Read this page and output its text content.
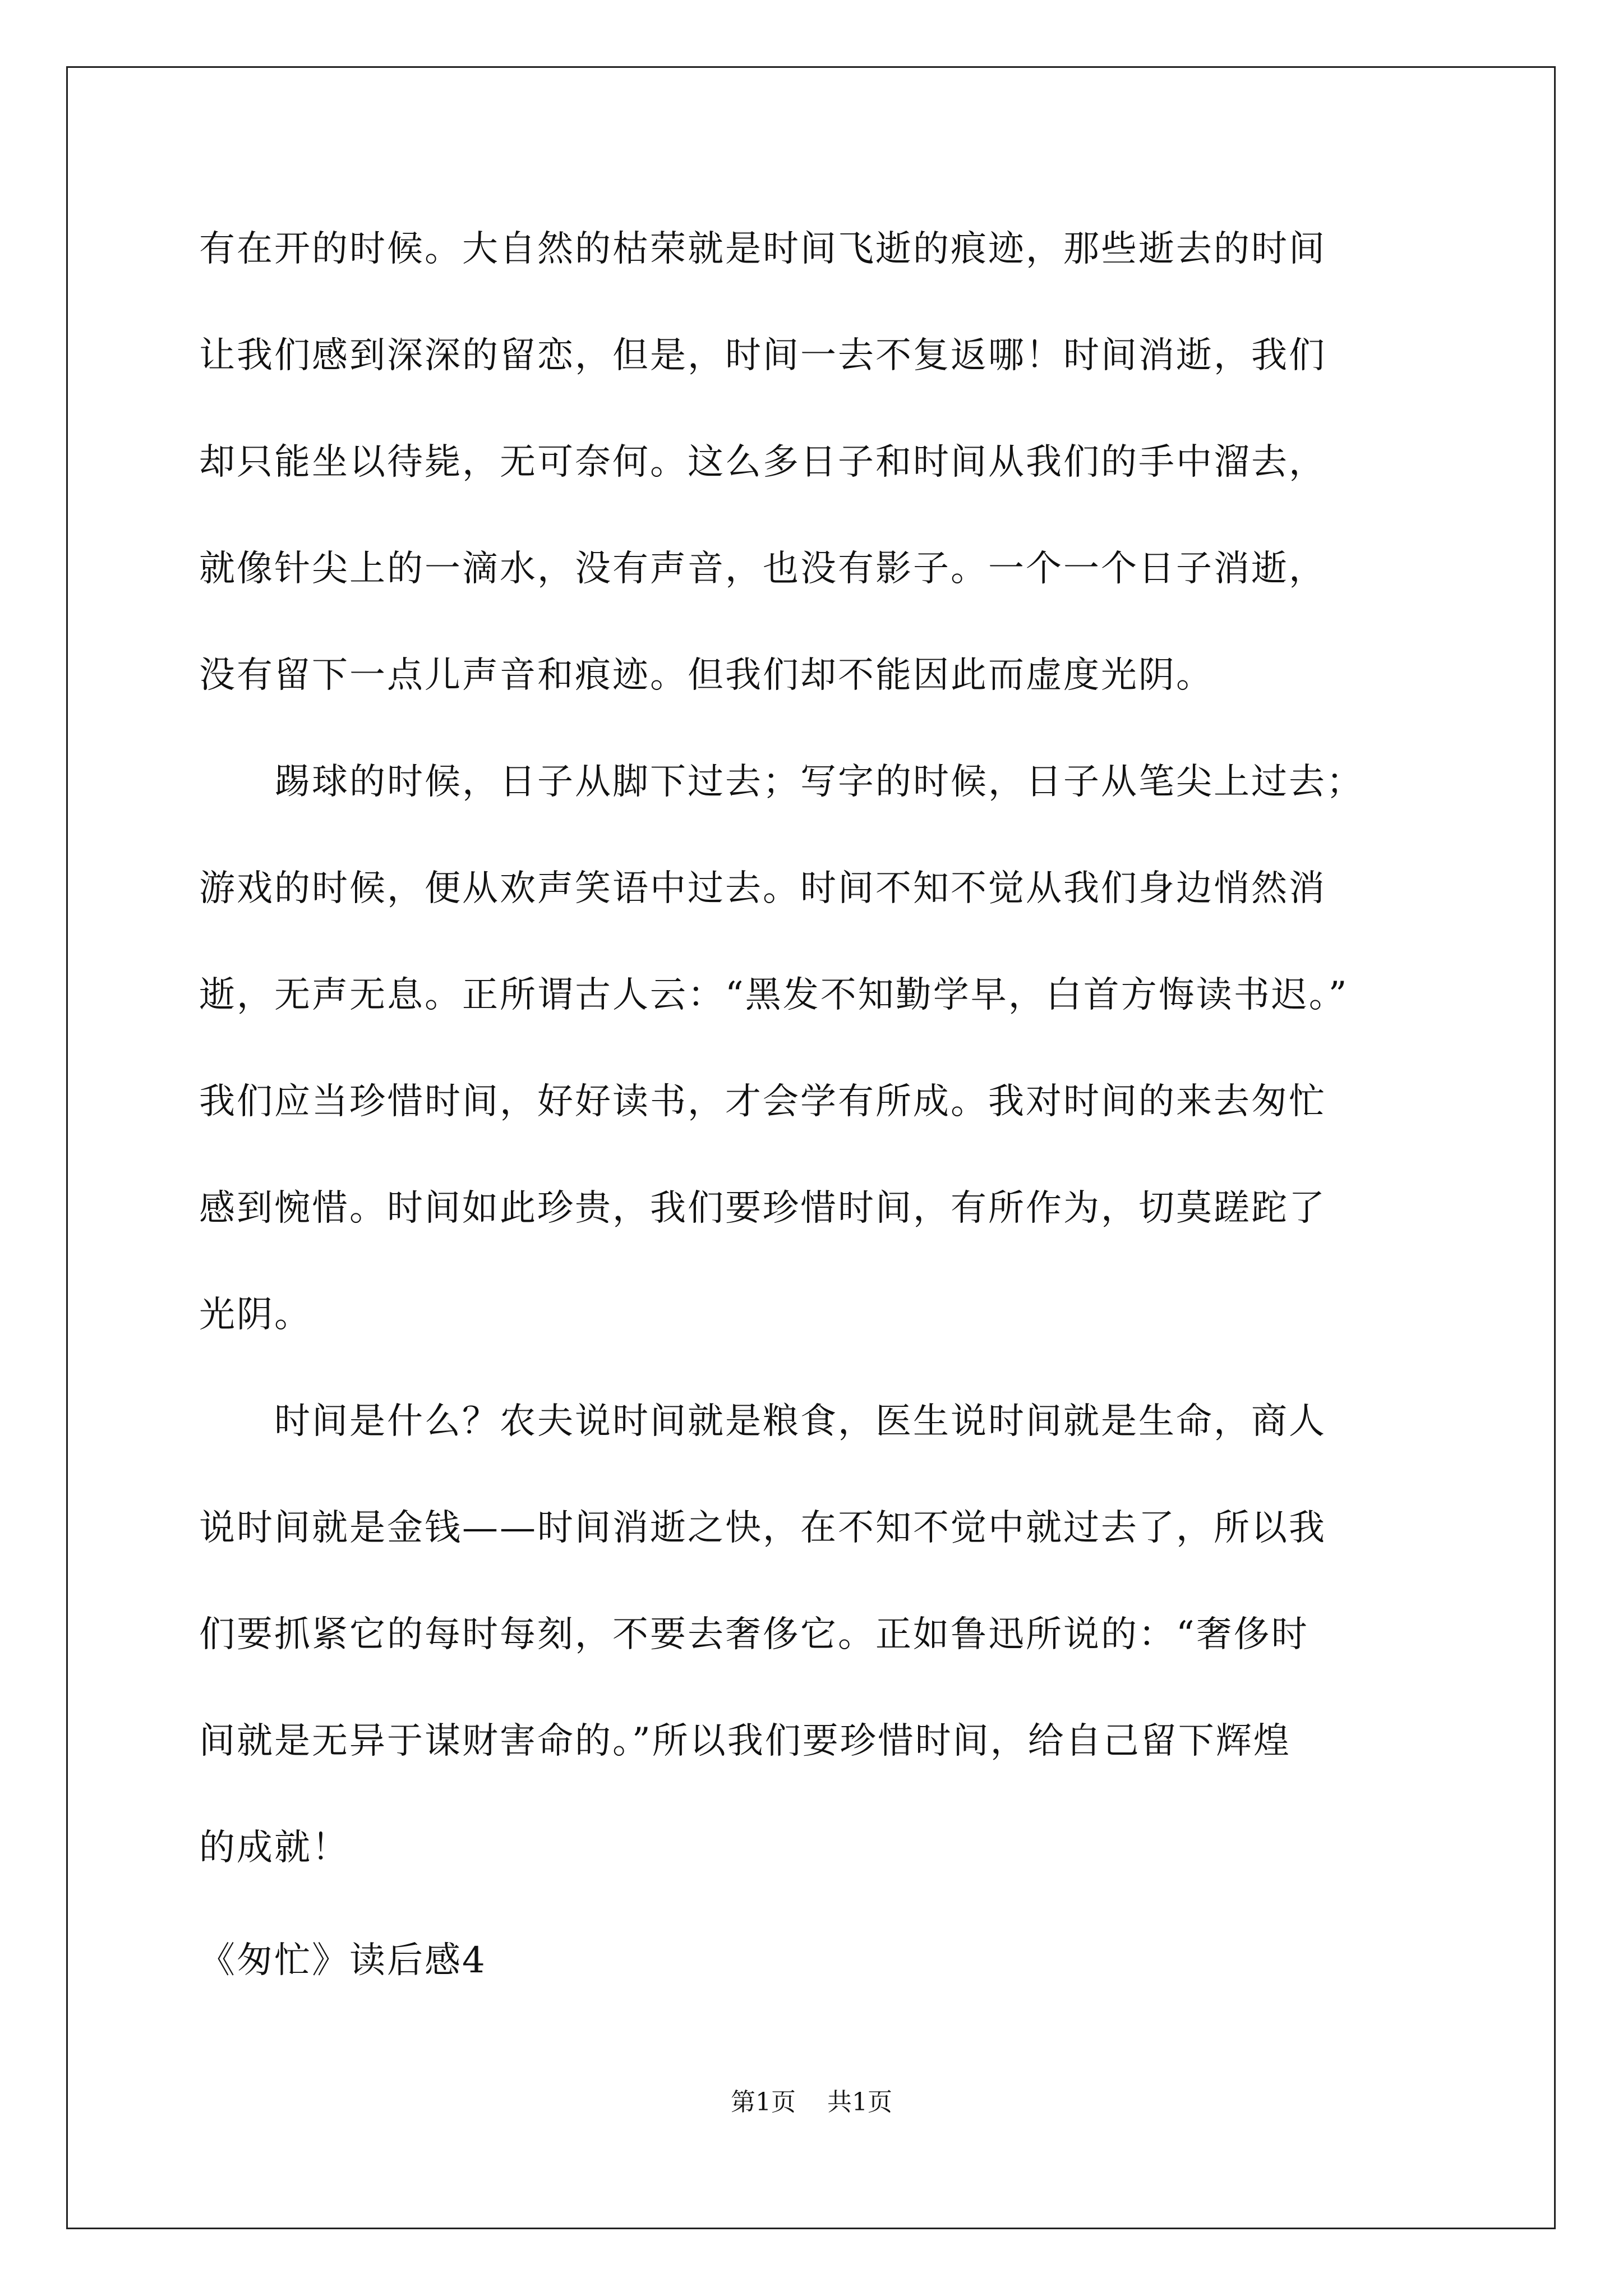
有在开的时候。大自然的枯荣就是时间飞逝的痕迹，那些逝去的时间
让我们感到深深的留恋，但是，时间一去不复返哪！时间消逝，我们
却只能坐以待毙，无可奈何。这么多日子和时间从我们的手中溜去，
就像针尖上的一滴水，没有声音，也没有影子。一个一个日子消逝，
没有留下一点儿声音和痕迹。但我们却不能因此而虚度光阴。
　　踢球的时候，日子从脚下过去；写字的时候，日子从笔尖上过去；
游戏的时候，便从欢声笑语中过去。时间不知不觉从我们身边悄然消
逝，无声无息。正所谓古人云：“黑发不知勤学早，白首方悔读书迟。”
我们应当珍惜时间，好好读书，才会学有所成。我对时间的来去匆忙
感到惋惜。时间如此珍贵，我们要珍惜时间，有所作为，切莫蹉跎了
光阴。
　　时间是什么？农夫说时间就是粮食，医生说时间就是生命，商人
说时间就是金钱——时间消逝之快，在不知不觉中就过去了，所以我
们要抓紧它的每时每刻，不要去奢侈它。正如鲁迅所说的：“奢侈时
间就是无异于谋财害命的。”所以我们要珍惜时间，给自己留下辉煌
的成就！
《匆忙》读后感4
第1页 共1页
